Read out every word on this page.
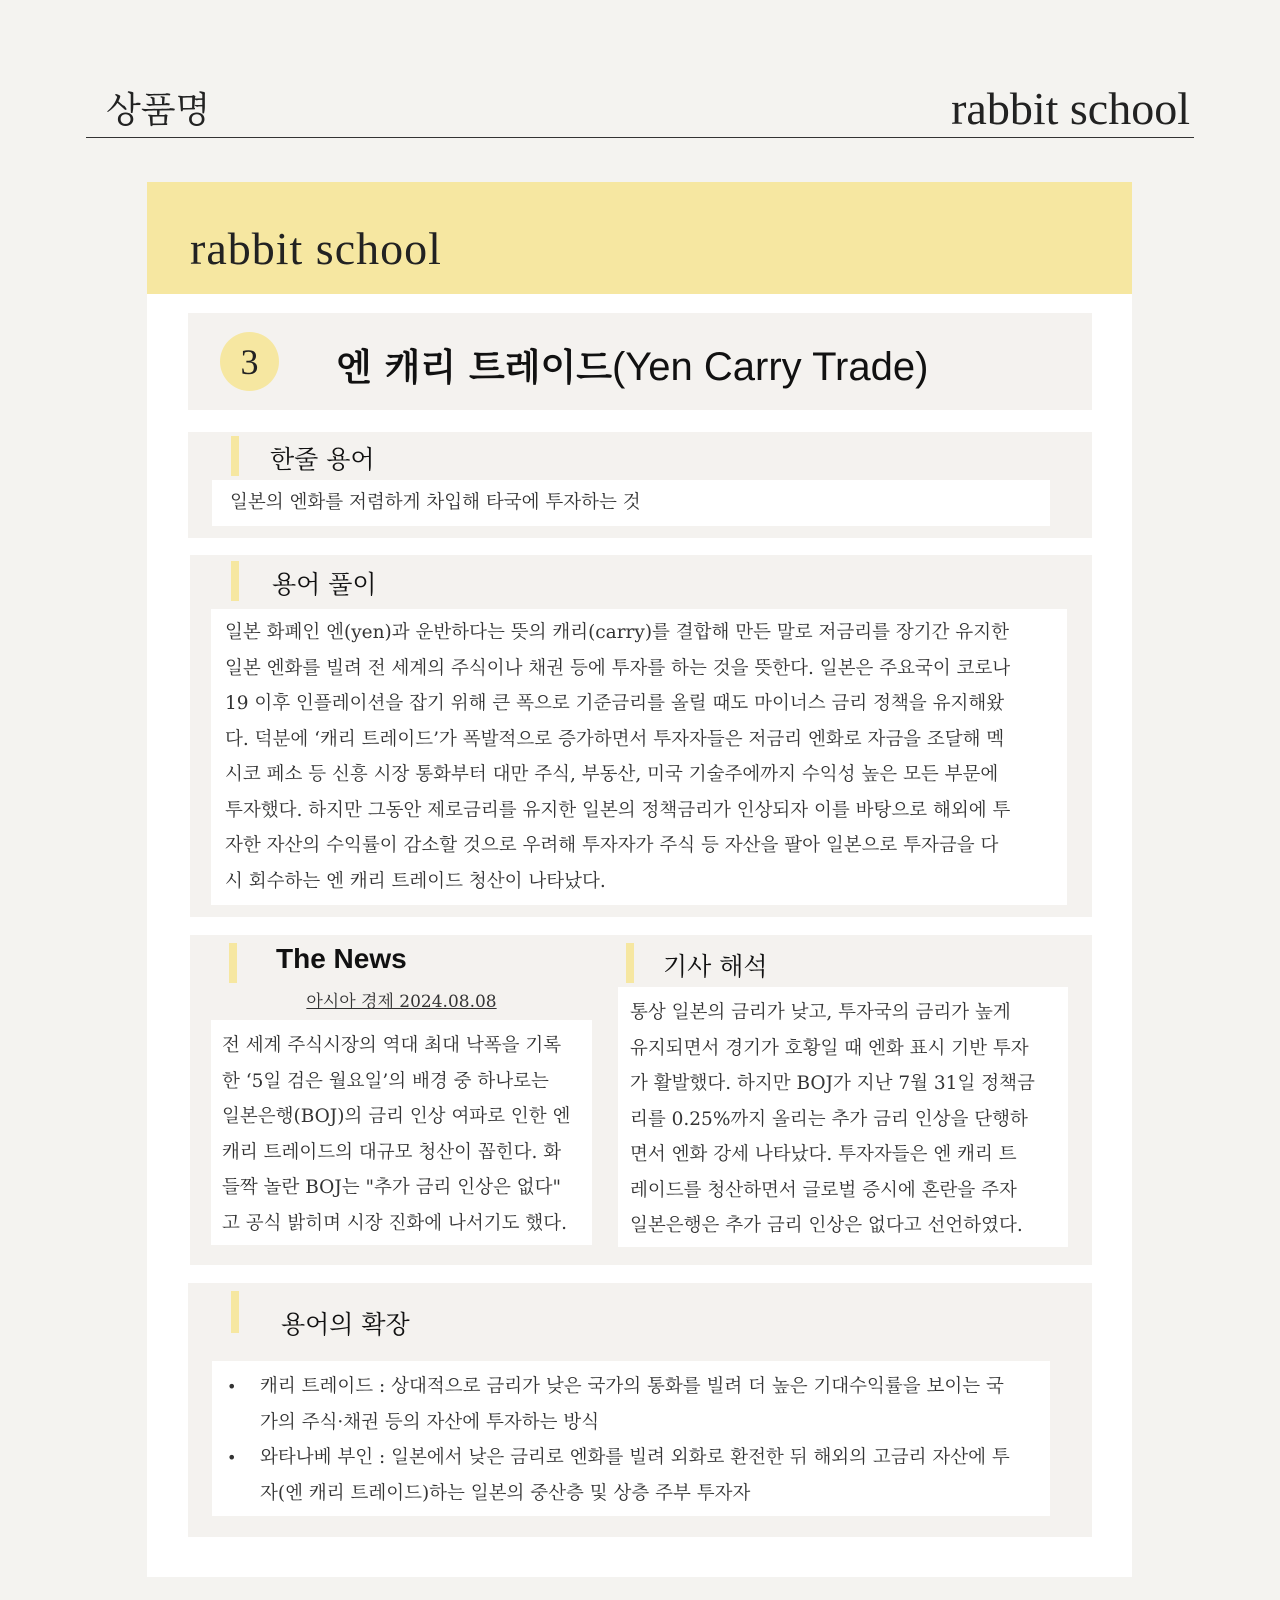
상품명	rabbit school
rabbit school
3	엔 캐리 트레이드(Yen Carry Trade)
한줄 용어
일본의 엔화를 저렴하게 차입해 타국에 투자하는 것
용어 풀이
일본 화폐인 엔(yen)과 운반하다는 뜻의 캐리(carry)를 결합해 만든 말로 저금리를 장기간 유지한
일본 엔화를 빌려 전 세계의 주식이나 채권 등에 투자를 하는 것을 뜻한다. 일본은 주요국이 코로나
19 이후 인플레이션을 잡기 위해 큰 폭으로 기준금리를 올릴 때도 마이너스 금리 정책을 유지해왔
다. 덕분에 ‘캐리 트레이드’가 폭발적으로 증가하면서 투자자들은 저금리 엔화로 자금을 조달해 멕
시코 페소 등 신흥 시장 통화부터 대만 주식, 부동산, 미국 기술주에까지 수익성 높은 모든 부문에
투자했다. 하지만 그동안 제로금리를 유지한 일본의 정책금리가 인상되자 이를 바탕으로 해외에 투
자한 자산의 수익률이 감소할 것으로 우려해 투자자가 주식 등 자산을 팔아 일본으로 투자금을 다
시 회수하는 엔 캐리 트레이드 청산이 나타났다.
The News
아시아 경제 2024.08.08
전 세계 주식시장의 역대 최대 낙폭을 기록
한 ‘5일 검은 월요일’의 배경 중 하나로는
일본은행(BOJ)의 금리 인상 여파로 인한 엔
캐리 트레이드의 대규모 청산이 꼽힌다. 화
들짝 놀란 BOJ는 "추가 금리 인상은 없다"
고 공식 밝히며 시장 진화에 나서기도 했다.
기사 해석
통상 일본의 금리가 낮고, 투자국의 금리가 높게
유지되면서 경기가 호황일 때 엔화 표시 기반 투자
가 활발했다. 하지만 BOJ가 지난 7월 31일 정책금
리를 0.25%까지 올리는 추가 금리 인상을 단행하
면서 엔화 강세 나타났다. 투자자들은 엔 캐리 트
레이드를 청산하면서 글로벌 증시에 혼란을 주자
일본은행은 추가 금리 인상은 없다고 선언하였다.
용어의 확장
• 캐리 트레이드 : 상대적으로 금리가 낮은 국가의 통화를 빌려 더 높은 기대수익률을 보이는 국
가의 주식·채권 등의 자산에 투자하는 방식
• 와타나베 부인 : 일본에서 낮은 금리로 엔화를 빌려 외화로 환전한 뒤 해외의 고금리 자산에 투
자(엔 캐리 트레이드)하는 일본의 중산층 및 상층 주부 투자자
